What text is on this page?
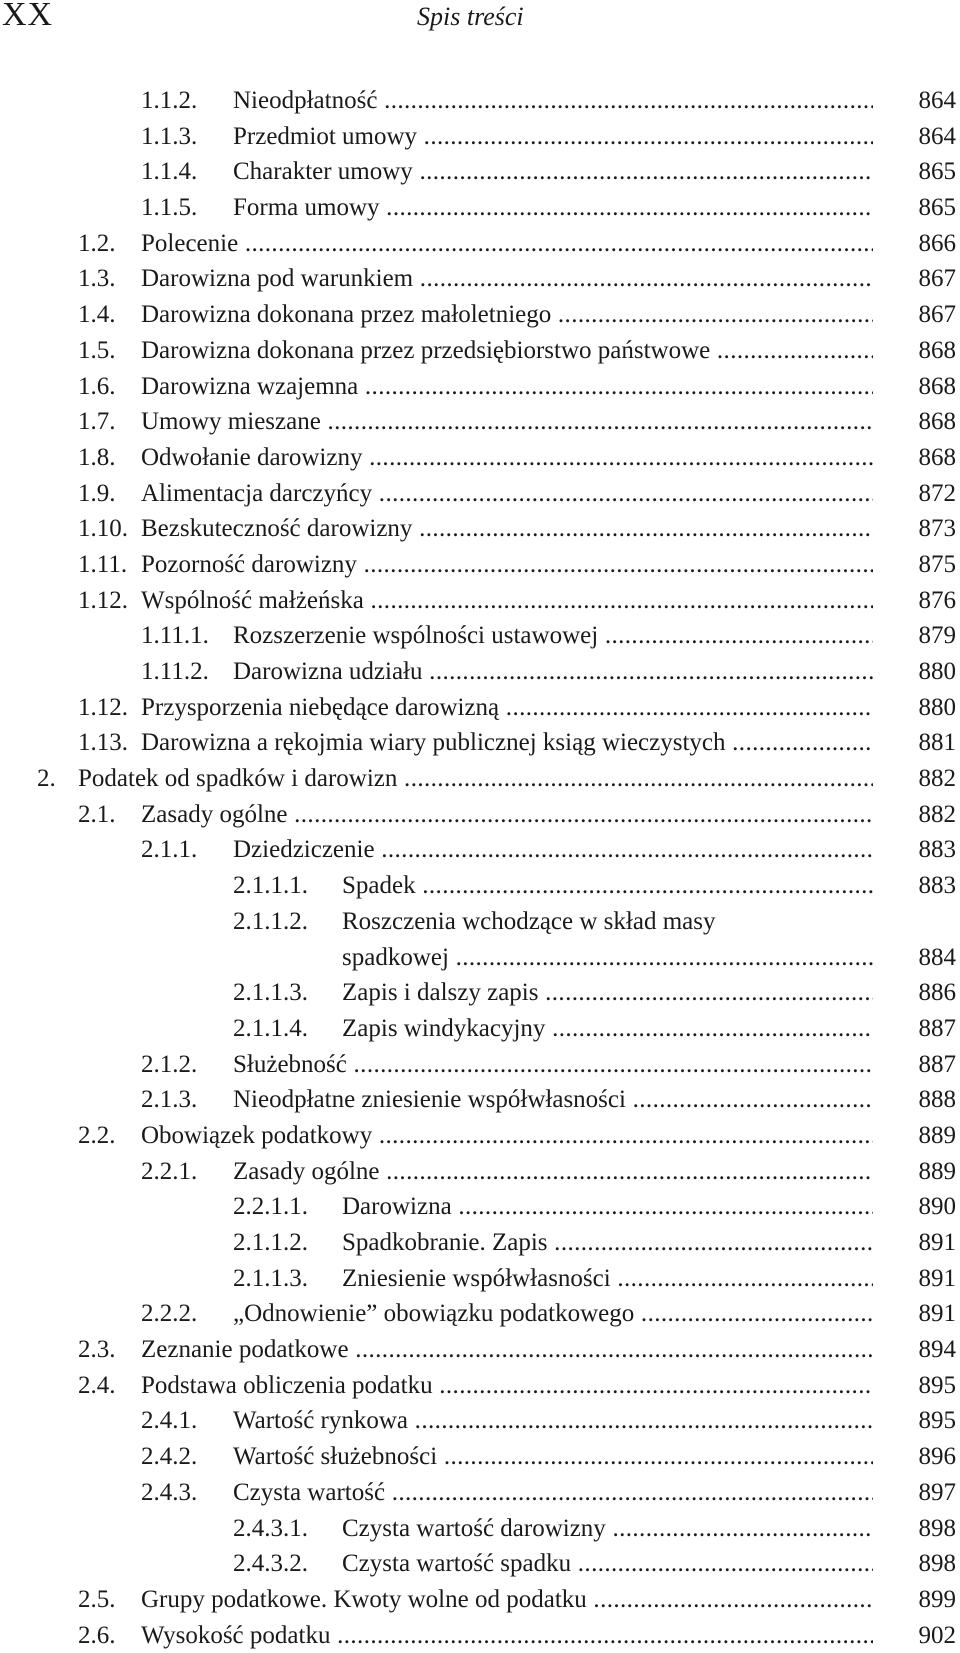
XX	Spis treści
1.1.2. Nieodpłatność .....	864
1.1.3. Przedmiot umowy .....	864
1.1.4. Charakter umowy .....	865
1.1.5. Forma umowy .....	865
1.2. Polecenie .....	866
1.3. Darowizna pod warunkiem .....	867
1.4. Darowizna dokonana przez małoletniego .....	867
1.5. Darowizna dokonana przez przedsiębiorstwo państwowe .....	868
1.6. Darowizna wzajemna .....	868
1.7. Umowy mieszane .....	868
1.8. Odwołanie darowizny .....	868
1.9. Alimentacja darczyńcy .....	872
1.10. Bezskuteczność darowizny .....	873
1.11. Pozorność darowizny .....	875
1.12. Wspólność małżeńska .....	876
1.11.1. Rozszerzenie wspólności ustawowej .....	879
1.11.2. Darowizna udziału .....	880
1.12. Przysporzenia niebędące darowizną .....	880
1.13. Darowizna a rękojmia wiary publicznej ksiąg wieczystych .....	881
2. Podatek od spadków i darowizn .....	882
2.1. Zasady ogólne .....	882
2.1.1. Dziedziczenie .....	883
2.1.1.1. Spadek .....	883
2.1.1.2. Roszczenia wchodzące w skład masy
spadkowej .....	884
2.1.1.3. Zapis i dalszy zapis .....	886
2.1.1.4. Zapis windykacyjny .....	887
2.1.2. Służebność .....	887
2.1.3. Nieodpłatne zniesienie współwłasności .....	888
2.2. Obowiązek podatkowy .....	889
2.2.1. Zasady ogólne .....	889
2.2.1.1. Darowizna .....	890
2.1.1.2. Spadkobranie. Zapis .....	891
2.1.1.3. Zniesienie współwłasności .....	891
2.2.2. „Odnowienie” obowiązku podatkowego .....	891
2.3. Zeznanie podatkowe .....	894
2.4. Podstawa obliczenia podatku .....	895
2.4.1. Wartość rynkowa .....	895
2.4.2. Wartość służebności .....	896
2.4.3. Czysta wartość .....	897
2.4.3.1. Czysta wartość darowizny .....	898
2.4.3.2. Czysta wartość spadku .....	898
2.5. Grupy podatkowe. Kwoty wolne od podatku .....	899
2.6. Wysokość podatku .....	902
